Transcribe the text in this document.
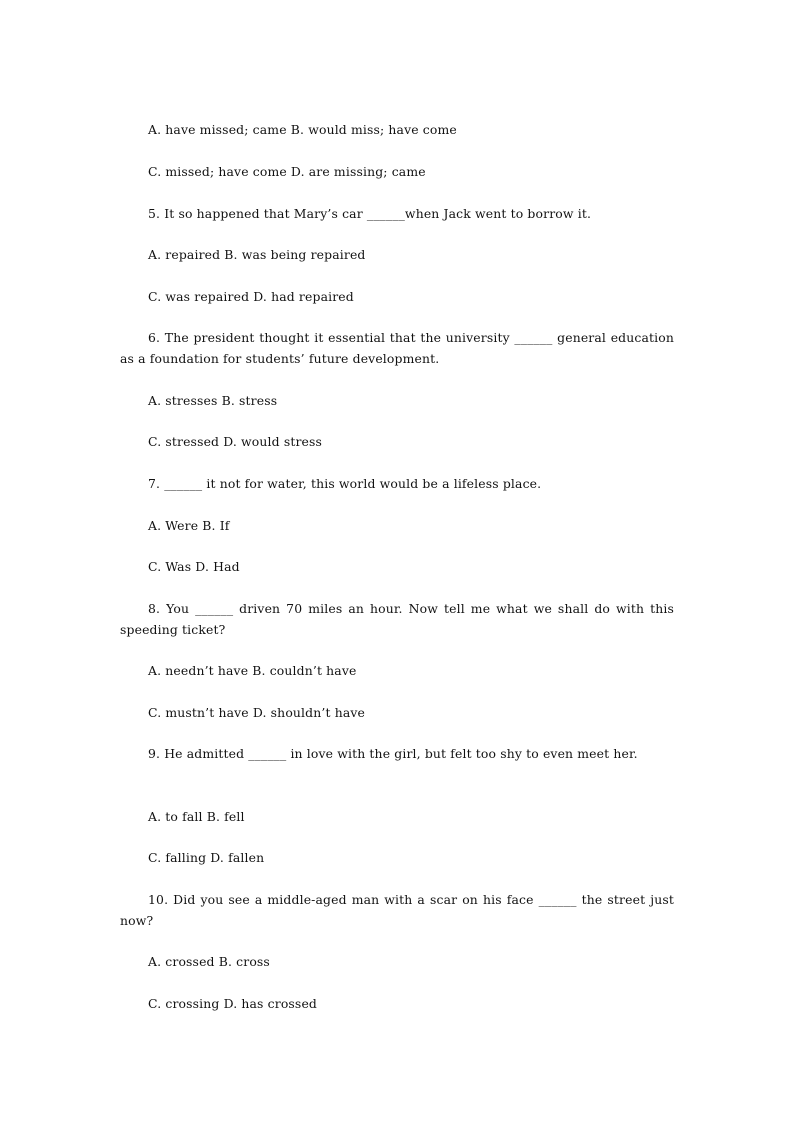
A. have missed; came B. would miss; have come

C. missed; have come D. are missing; came

5. It so happened that Mary’s car ______when Jack went to borrow it.

A. repaired B. was being repaired

C. was repaired D. had repaired

6. The president thought it essential that the university ______ general education as a foundation for students’ future development.

A. stresses B. stress

C. stressed D. would stress

7. ______ it not for water, this world would be a lifeless place.

A. Were B. If

C. Was D. Had

8. You ______ driven 70 miles an hour. Now tell me what we shall do with this speeding ticket?

A. needn’t have B. couldn’t have

C. mustn’t have D. shouldn’t have

9. He admitted ______ in love with the girl, but felt too shy to even meet her.

A. to fall B. fell

C. falling D. fallen

10. Did you see a middle-aged man with a scar on his face ______ the street just now?

A. crossed B. cross

C. crossing D. has crossed
